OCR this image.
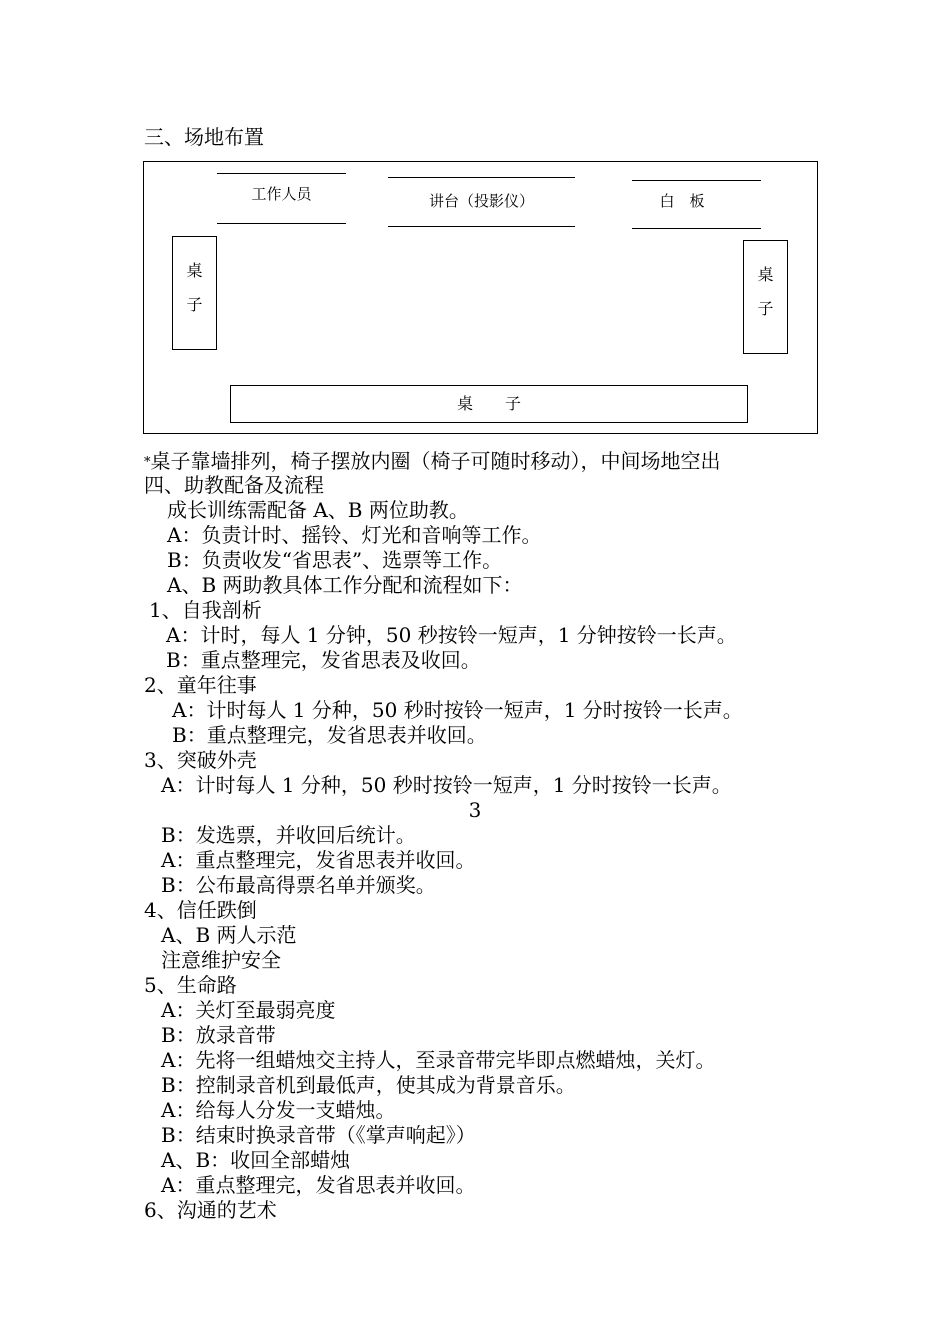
三、场地布置
工作人员	讲台（投影仪）	白　板
桌
子
桌
子
桌　　子
*桌子靠墙排列，椅子摆放内圈（椅子可随时移动），中间场地空出
四、助教配备及流程
成长训练需配备 A、B 两位助教。
A：负责计时、摇铃、灯光和音响等工作。
B：负责收发“省思表”、选票等工作。
A、B 两助教具体工作分配和流程如下：
1、自我剖析
A：计时，每人 1 分钟，50 秒按铃一短声，1 分钟按铃一长声。
B：重点整理完，发省思表及收回。
2、童年往事
A：计时每人 1 分种，50 秒时按铃一短声，1 分时按铃一长声。
B：重点整理完，发省思表并收回。
3、突破外壳
A：计时每人 1 分种，50 秒时按铃一短声，1 分时按铃一长声。
3
B：发选票，并收回后统计。
A：重点整理完，发省思表并收回。
B：公布最高得票名单并颁奖。
4、信任跌倒
A、B 两人示范
注意维护安全
5、生命路
A：关灯至最弱亮度
B：放录音带
A：先将一组蜡烛交主持人，至录音带完毕即点燃蜡烛，关灯。
B：控制录音机到最低声，使其成为背景音乐。
A：给每人分发一支蜡烛。
B：结束时换录音带（《掌声响起》）
A、B：收回全部蜡烛
A：重点整理完，发省思表并收回。
6、沟通的艺术
